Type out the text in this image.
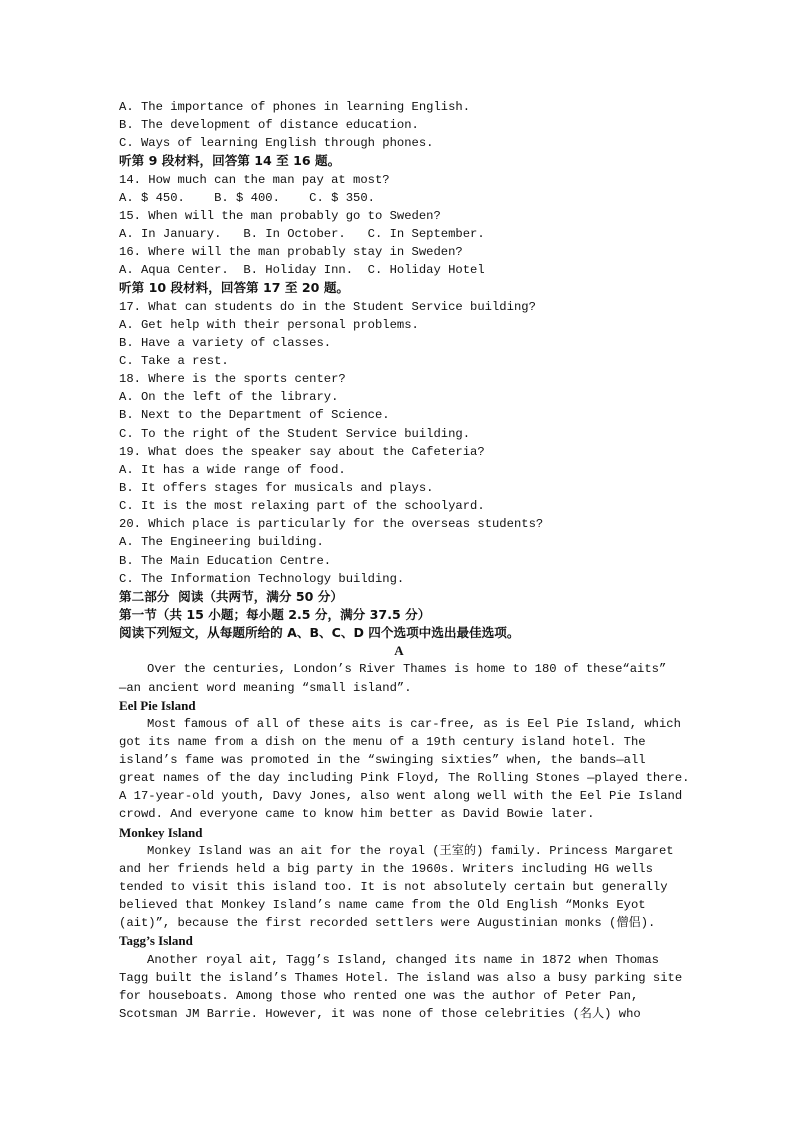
A. The importance of phones in learning English.
B. The development of distance education.
C. Ways of learning English through phones.
听第 9 段材料，回答第 14 至 16 题。
14. How much can the man pay at most?
A. $ 450.    B. $ 400.    C. $ 350.
15. When will the man probably go to Sweden?
A. In January.   B. In October.   C. In September.
16. Where will the man probably stay in Sweden?
A. Aqua Center.  B. Holiday Inn.  C. Holiday Hotel
听第 10 段材料，回答第 17 至 20 题。
17. What can students do in the Student Service building?
A. Get help with their personal problems.
B. Have a variety of classes.
C. Take a rest.
18. Where is the sports center?
A. On the left of the library.
B. Next to the Department of Science.
C. To the right of the Student Service building.
19. What does the speaker say about the Cafeteria?
A. It has a wide range of food.
B. It offers stages for musicals and plays.
C. It is the most relaxing part of the schoolyard.
20. Which place is particularly for the overseas students?
A. The Engineering building.
B. The Main Education Centre.
C. The Information Technology building.
第二部分  阅读（共两节，满分 50 分）
第一节（共 15 小题；每小题 2.5 分，满分 37.5 分）
阅读下列短文，从每题所给的 A、B、C、D 四个选项中选出最佳选项。
A
Over the centuries, London’s River Thames is home to 180 of these“aits”
—an ancient word meaning “small island”.
Eel Pie Island
Most famous of all of these aits is car-free, as is Eel Pie Island, which
got its name from a dish on the menu of a 19th century island hotel. The
island’s fame was promoted in the “swinging sixties” when, the bands—all
great names of the day including Pink Floyd, The Rolling Stones —played there.
A 17-year-old youth, Davy Jones, also went along well with the Eel Pie Island
crowd. And everyone came to know him better as David Bowie later.
Monkey Island
Monkey Island was an ait for the royal (王室的) family. Princess Margaret
and her friends held a big party in the 1960s. Writers including HG wells
tended to visit this island too. It is not absolutely certain but generally
believed that Monkey Island’s name came from the Old English “Monks Eyot
(ait)”, because the first recorded settlers were Augustinian monks (僧侣).
Tagg’s Island
Another royal ait, Tagg’s Island, changed its name in 1872 when Thomas
Tagg built the island’s Thames Hotel. The island was also a busy parking site
for houseboats. Among those who rented one was the author of Peter Pan,
Scotsman JM Barrie. However, it was none of those celebrities (名人) who
